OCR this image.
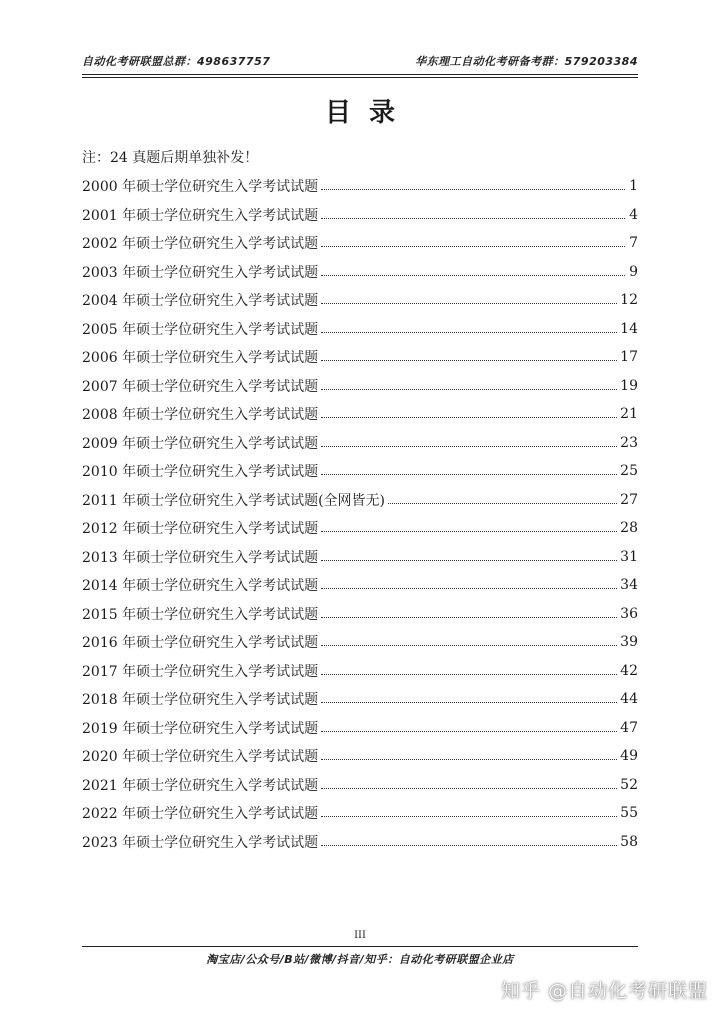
自动化考研联盟总群：498637757	华东理工自动化考研备考群：579203384
目录
注：24 真题后期单独补发！
2000 年硕士学位研究生入学考试试题	1
2001 年硕士学位研究生入学考试试题	4
2002 年硕士学位研究生入学考试试题	7
2003 年硕士学位研究生入学考试试题	9
2004 年硕士学位研究生入学考试试题	12
2005 年硕士学位研究生入学考试试题	14
2006 年硕士学位研究生入学考试试题	17
2007 年硕士学位研究生入学考试试题	19
2008 年硕士学位研究生入学考试试题	21
2009 年硕士学位研究生入学考试试题	23
2010 年硕士学位研究生入学考试试题	25
2011 年硕士学位研究生入学考试试题(全网皆无)	27
2012 年硕士学位研究生入学考试试题	28
2013 年硕士学位研究生入学考试试题	31
2014 年硕士学位研究生入学考试试题	34
2015 年硕士学位研究生入学考试试题	36
2016 年硕士学位研究生入学考试试题	39
2017 年硕士学位研究生入学考试试题	42
2018 年硕士学位研究生入学考试试题	44
2019 年硕士学位研究生入学考试试题	47
2020 年硕士学位研究生入学考试试题	49
2021 年硕士学位研究生入学考试试题	52
2022 年硕士学位研究生入学考试试题	55
2023 年硕士学位研究生入学考试试题	58
III
淘宝店/公众号/B站/微博/抖音/知乎：自动化考研联盟企业店
知乎 @自动化考研联盟
